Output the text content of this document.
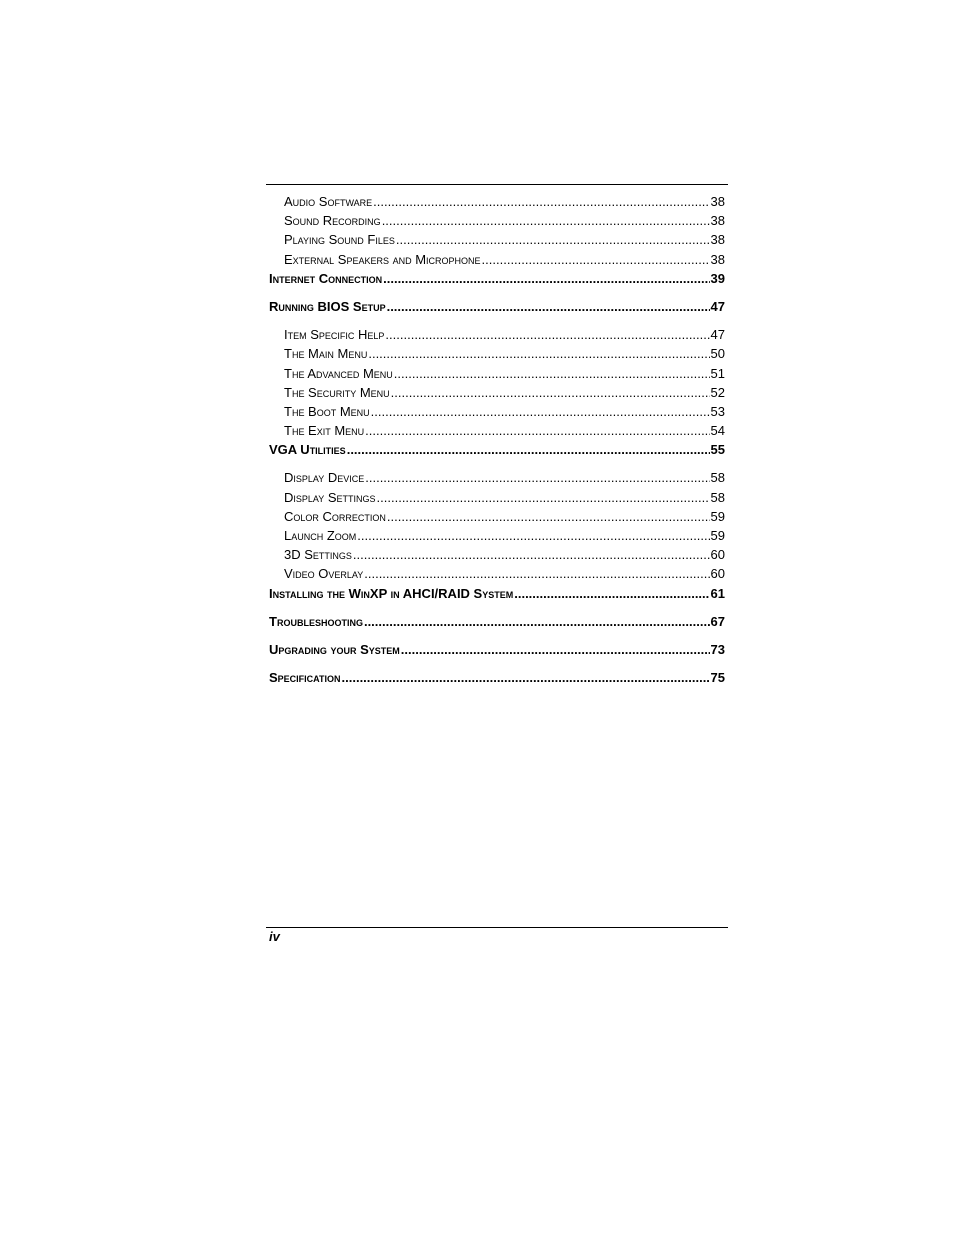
Audio Software .....	38
Sound Recording .....	38
Playing Sound Files .....	38
External Speakers and Microphone .....	38
Internet Connection .....	39
Running BIOS Setup .....	47
Item Specific Help .....	47
The Main Menu .....	50
The Advanced Menu .....	51
The Security Menu .....	52
The Boot Menu .....	53
The Exit Menu .....	54
VGA Utilities .....	55
Display Device .....	58
Display Settings .....	58
Color Correction .....	59
Launch Zoom .....	59
3D Settings .....	60
Video Overlay .....	60
Installing the WinXP in AHCI/RAID System .....	61
Troubleshooting .....	67
Upgrading your System .....	73
Specification .....	75
iv
